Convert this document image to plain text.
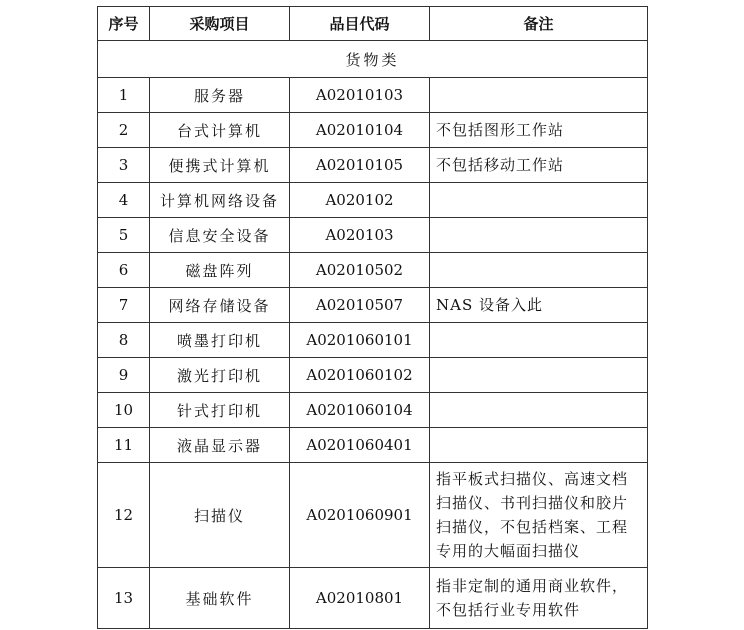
序号	采购项目	品目代码	备注
货物类			
1	服务器	A02010103	
2	台式计算机	A02010104	不包括图形工作站
3	便携式计算机	A02010105	不包括移动工作站
4	计算机网络设备	A020102	
5	信息安全设备	A020103	
6	磁盘阵列	A02010502	
7	网络存储设备	A02010507	NAS 设备入此
8	喷墨打印机	A0201060101	
9	激光打印机	A0201060102	
10	针式打印机	A0201060104	
11	液晶显示器	A0201060401	
12	扫描仪	A0201060901	指平板式扫描仪、高速文档扫描仪、书刊扫描仪和胶片扫描仪，不包括档案、工程专用的大幅面扫描仪
13	基础软件	A02010801	指非定制的通用商业软件，不包括行业专用软件
